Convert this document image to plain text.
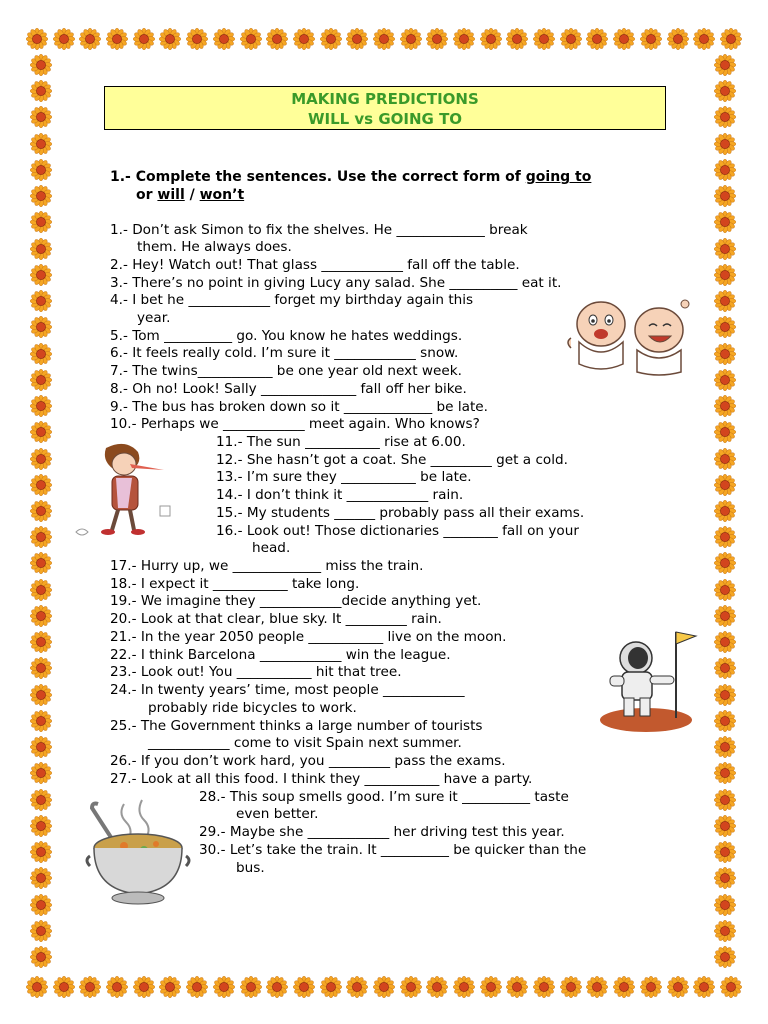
MAKING PREDICTIONS
WILL vs GOING TO
1.- Complete the sentences. Use the correct form of going to
or will / won’t
1.- Don’t ask Simon to fix the shelves. He _____________ break
them. He always does.
2.- Hey! Watch out! That glass ____________ fall off the table.
3.- There’s no point in giving Lucy any salad. She __________ eat it.
4.- I bet he ____________ forget my birthday again this
year.
5.- Tom __________ go. You know he hates weddings.
6.- It feels really cold. I’m sure it ____________ snow.
7.- The twins___________ be one year old next week.
8.- Oh no! Look! Sally ______________ fall off her bike.
9.- The bus has broken down so it _____________ be late.
10.- Perhaps we ____________ meet again. Who knows?
11.- The sun ___________ rise at 6.00.
12.- She hasn’t got a coat. She _________ get a cold.
13.- I’m sure they ___________ be late.
14.- I don’t think it ____________ rain.
15.- My students ______ probably pass all their exams.
16.- Look out! Those dictionaries ________ fall on your
head.
17.- Hurry up, we _____________ miss the train.
18.- I expect it ___________ take long.
19.- We imagine they ____________decide anything yet.
20.- Look at that clear, blue sky. It _________ rain.
21.- In the year 2050 people ___________ live on the moon.
22.- I think Barcelona ____________ win the league.
23.- Look out! You ___________ hit that tree.
24.- In twenty years’ time, most people ____________
probably ride bicycles to work.
25.- The Government thinks a large number of tourists
____________ come to visit Spain next summer.
26.- If you don’t work hard, you _________ pass the exams.
27.- Look at all this food. I think they ___________ have a party.
28.- This soup smells good. I’m sure it __________ taste
even better.
29.- Maybe she ____________ her driving test this year.
30.- Let’s take the train. It __________ be quicker than the
bus.
